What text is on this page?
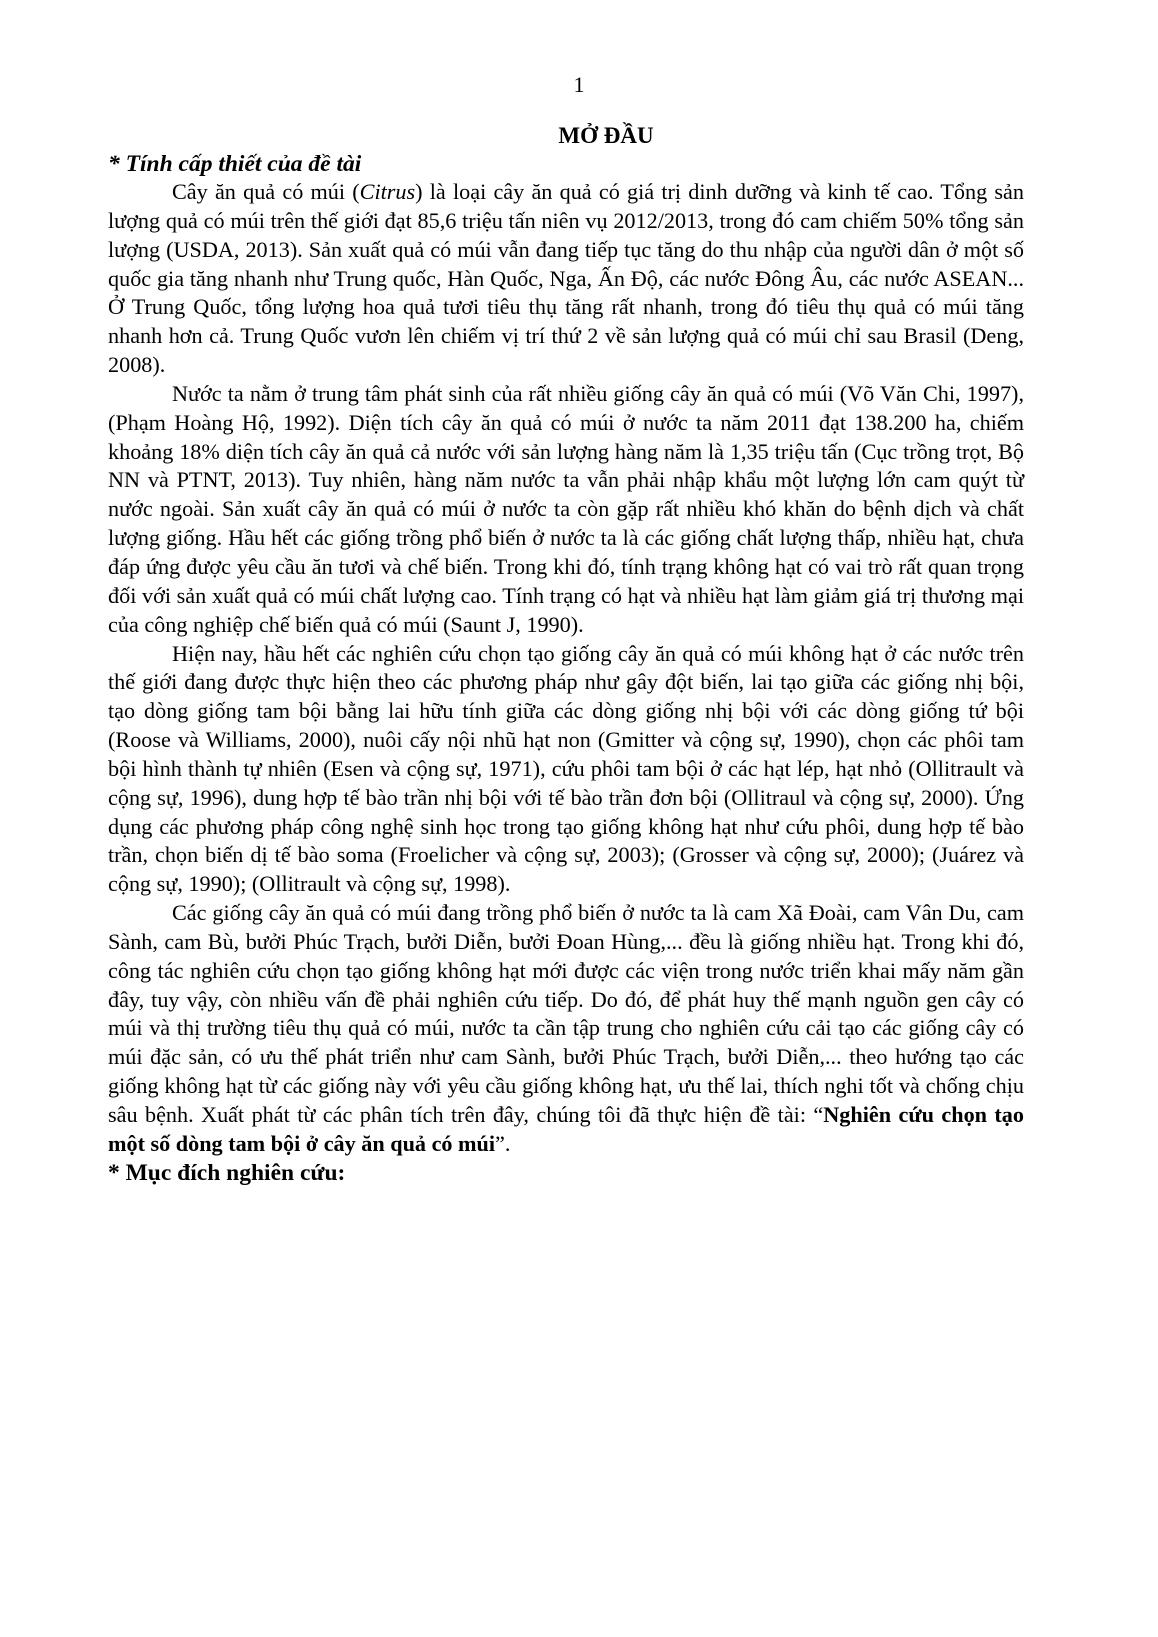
1
MỞ ĐẦU
* Tính cấp thiết của đề tài

Cây ăn quả có múi (Citrus) là loại cây ăn quả có giá trị dinh dưỡng và kinh tế cao. Tổng sản lượng quả có múi trên thế giới đạt 85,6 triệu tấn niên vụ 2012/2013, trong đó cam chiếm 50% tổng sản lượng (USDA, 2013). Sản xuất quả có múi vẫn đang tiếp tục tăng do thu nhập của người dân ở một số quốc gia tăng nhanh như Trung quốc, Hàn Quốc, Nga, Ấn Độ, các nước Đông Âu, các nước ASEAN... Ở Trung Quốc, tổng lượng hoa quả tươi tiêu thụ tăng rất nhanh, trong đó tiêu thụ quả có múi tăng nhanh hơn cả. Trung Quốc vươn lên chiếm vị trí thứ 2 về sản lượng quả có múi chỉ sau Brasil (Deng, 2008).

Nước ta nằm ở trung tâm phát sinh của rất nhiều giống cây ăn quả có múi (Võ Văn Chi, 1997), (Phạm Hoàng Hộ, 1992). Diện tích cây ăn quả có múi ở nước ta năm 2011 đạt 138.200 ha, chiếm khoảng 18% diện tích cây ăn quả cả nước với sản lượng hàng năm là 1,35 triệu tấn (Cục trồng trọt, Bộ NN và PTNT, 2013). Tuy nhiên, hàng năm nước ta vẫn phải nhập khẩu một lượng lớn cam quýt từ nước ngoài. Sản xuất cây ăn quả có múi ở nước ta còn gặp rất nhiều khó khăn do bệnh dịch và chất lượng giống. Hầu hết các giống trồng phổ biến ở nước ta là các giống chất lượng thấp, nhiều hạt, chưa đáp ứng được yêu cầu ăn tươi và chế biến. Trong khi đó, tính trạng không hạt có vai trò rất quan trọng đối với sản xuất quả có múi chất lượng cao. Tính trạng có hạt và nhiều hạt làm giảm giá trị thương mại của công nghiệp chế biến quả có múi (Saunt J, 1990).

Hiện nay, hầu hết các nghiên cứu chọn tạo giống cây ăn quả có múi không hạt ở các nước trên thế giới đang được thực hiện theo các phương pháp như gây đột biến, lai tạo giữa các giống nhị bội, tạo dòng giống tam bội bằng lai hữu tính giữa các dòng giống nhị bội với các dòng giống tứ bội (Roose và Williams, 2000), nuôi cấy nội nhũ hạt non (Gmitter và cộng sự, 1990), chọn các phôi tam bội hình thành tự nhiên (Esen và cộng sự, 1971), cứu phôi tam bội ở các hạt lép, hạt nhỏ (Ollitrault và cộng sự, 1996), dung hợp tế bào trần nhị bội với tế bào trần đơn bội (Ollitraul và cộng sự, 2000). Ứng dụng các phương pháp công nghệ sinh học trong tạo giống không hạt như cứu phôi, dung hợp tế bào trần, chọn biến dị tế bào soma (Froelicher và cộng sự, 2003); (Grosser và cộng sự, 2000); (Juárez và cộng sự, 1990); (Ollitrault và cộng sự, 1998).

Các giống cây ăn quả có múi đang trồng phổ biến ở nước ta là cam Xã Đoài, cam Vân Du, cam Sành, cam Bù, bưởi Phúc Trạch, bưởi Diễn, bưởi Đoan Hùng,... đều là giống nhiều hạt. Trong khi đó, công tác nghiên cứu chọn tạo giống không hạt mới được các viện trong nước triển khai mấy năm gần đây, tuy vậy, còn nhiều vấn đề phải nghiên cứu tiếp. Do đó, để phát huy thế mạnh nguồn gen cây có múi và thị trường tiêu thụ quả có múi, nước ta cần tập trung cho nghiên cứu cải tạo các giống cây có múi đặc sản, có ưu thế phát triển như cam Sành, bưởi Phúc Trạch, bưởi Diễn,... theo hướng tạo các giống không hạt từ các giống này với yêu cầu giống không hạt, ưu thế lai, thích nghi tốt và chống chịu sâu bệnh. Xuất phát từ các phân tích trên đây, chúng tôi đã thực hiện đề tài: “Nghiên cứu chọn tạo một số dòng tam bội ở cây ăn quả có múi”.

* Mục đích nghiên cứu:
